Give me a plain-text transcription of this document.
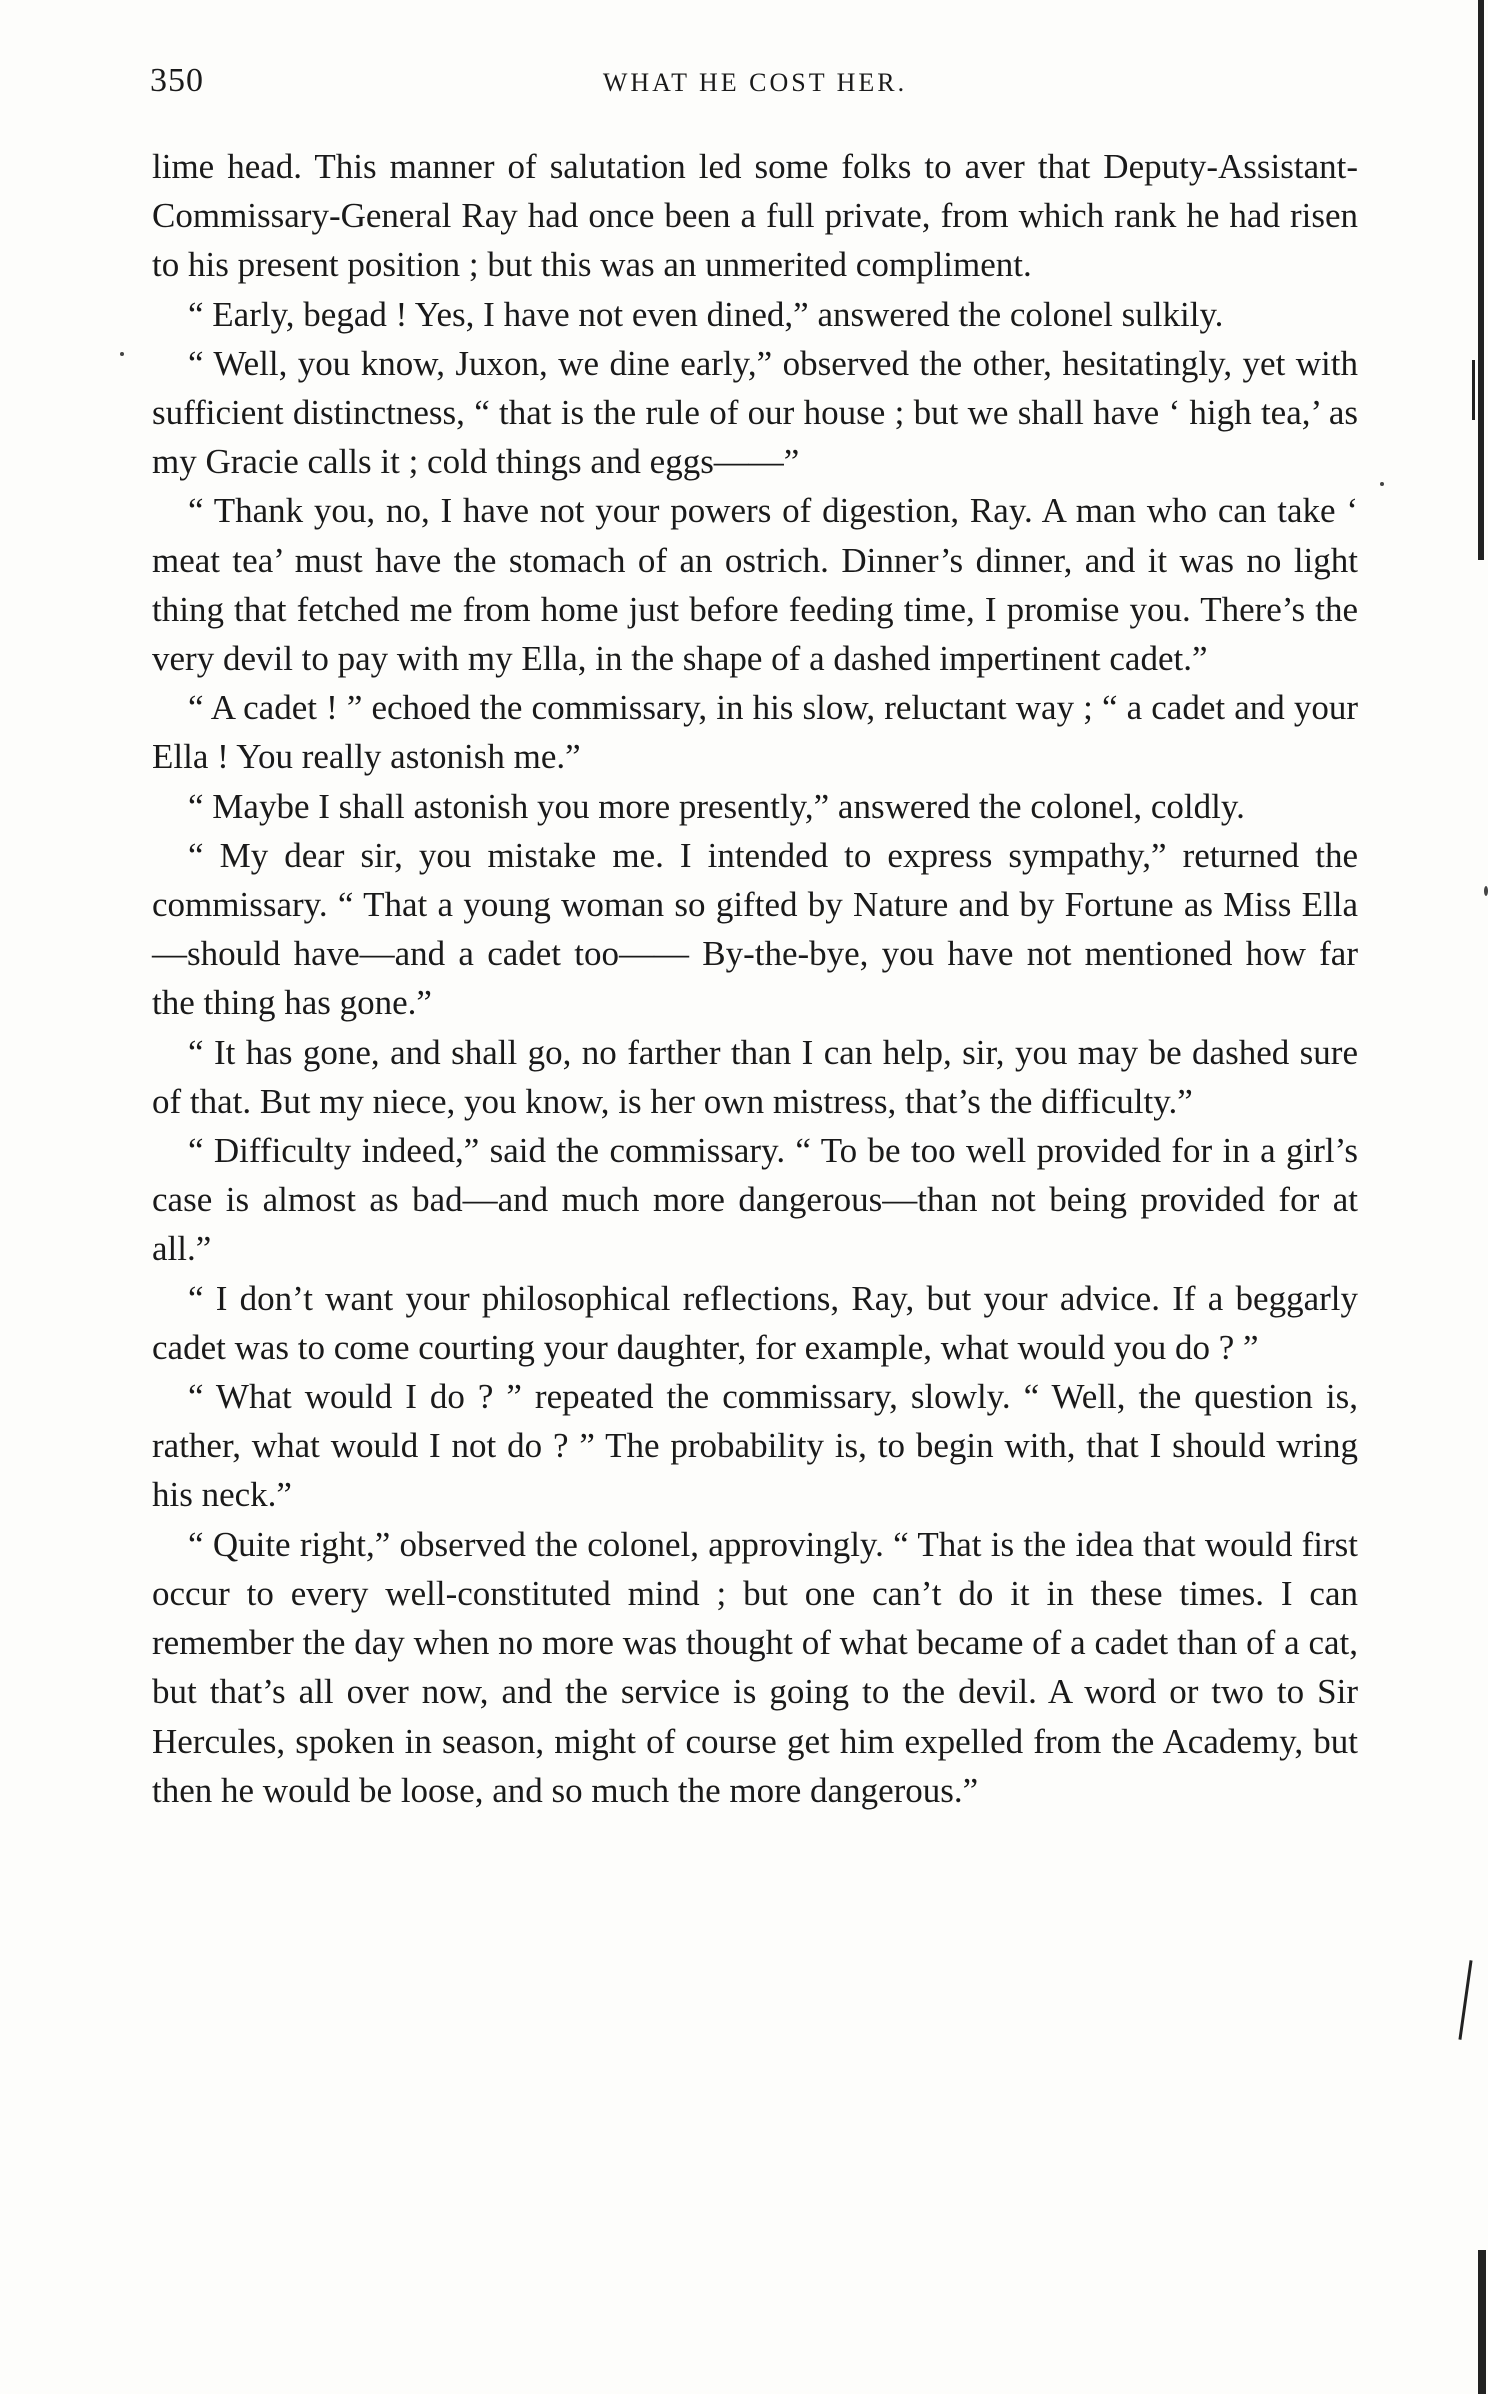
350	WHAT HE COST HER.

lime head. This manner of salutation led some folks to aver that Deputy-Assistant-Commissary-General Ray had once been a full private, from which rank he had risen to his present position ; but this was an unmerited compliment.

“ Early, begad ! Yes, I have not even dined,” answered the colonel sulkily.

“ Well, you know, Juxon, we dine early,” observed the other, hesitatingly, yet with sufficient distinctness, “ that is the rule of our house ; but we shall have ‘ high tea,’ as my Gracie calls it ; cold things and eggs——”

“ Thank you, no, I have not your powers of digestion, Ray. A man who can take ‘ meat tea’ must have the stomach of an ostrich. Dinner’s dinner, and it was no light thing that fetched me from home just before feeding time, I promise you. There’s the very devil to pay with my Ella, in the shape of a dashed impertinent cadet.”

“ A cadet ! ” echoed the commissary, in his slow, reluctant way ; “ a cadet and your Ella ! You really astonish me.”

“ Maybe I shall astonish you more presently,” answered the colonel, coldly.

“ My dear sir, you mistake me. I intended to express sympathy,” returned the commissary. “ That a young woman so gifted by Nature and by Fortune as Miss Ella—should have—and a cadet too—— By-the-bye, you have not mentioned how far the thing has gone.”

“ It has gone, and shall go, no farther than I can help, sir, you may be dashed sure of that. But my niece, you know, is her own mistress, that’s the difficulty.”

“ Difficulty indeed,” said the commissary. “ To be too well provided for in a girl’s case is almost as bad—and much more dangerous—than not being provided for at all.”

“ I don’t want your philosophical reflections, Ray, but your advice. If a beggarly cadet was to come courting your daughter, for example, what would you do ? ”

“ What would I do ? ” repeated the commissary, slowly. “ Well, the question is, rather, what would I not do ? ” The probability is, to begin with, that I should wring his neck.”

“ Quite right,” observed the colonel, approvingly. “ That is the idea that would first occur to every well-constituted mind ; but one can’t do it in these times. I can remember the day when no more was thought of what became of a cadet than of a cat, but that’s all over now, and the service is going to the devil. A word or two to Sir Hercules, spoken in season, might of course get him expelled from the Academy, but then he would be loose, and so much the more dangerous.”
